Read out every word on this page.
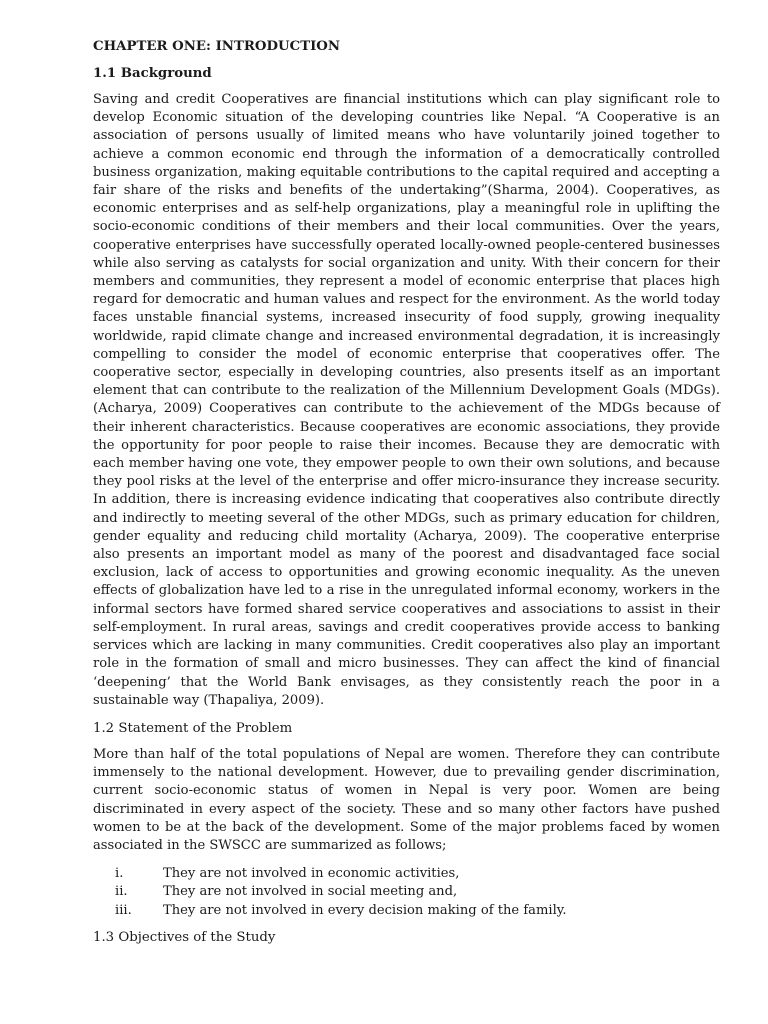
CHAPTER ONE: INTRODUCTION
1.1 Background

Saving and credit Cooperatives are financial institutions which can play significant role to develop Economic situation of the developing countries like Nepal. “A Cooperative is an association of persons usually of limited means who have voluntarily joined together to achieve a common economic end through the information of a democratically controlled business organization, making equitable contributions to the capital required and accepting a fair share of the risks and benefits of the undertaking”(Sharma, 2004). Cooperatives, as economic enterprises and as self-help organizations, play a meaningful role in uplifting the socio-economic conditions of their members and their local communities. Over the years, cooperative enterprises have successfully operated locally-owned people-centered businesses while also serving as catalysts for social organization and unity. With their concern for their members and communities, they represent a model of economic enterprise that places high regard for democratic and human values and respect for the environment. As the world today faces unstable financial systems, increased insecurity of food supply, growing inequality worldwide, rapid climate change and increased environmental degradation, it is increasingly compelling to consider the model of economic enterprise that cooperatives offer. The cooperative sector, especially in developing countries, also presents itself as an important element that can contribute to the realization of the Millennium Development Goals (MDGs). (Acharya, 2009) Cooperatives can contribute to the achievement of the MDGs because of their inherent characteristics. Because cooperatives are economic associations, they provide the opportunity for poor people to raise their incomes. Because they are democratic with each member having one vote, they empower people to own their own solutions, and because they pool risks at the level of the enterprise and offer micro-insurance they increase security. In addition, there is increasing evidence indicating that cooperatives also contribute directly and indirectly to meeting several of the other MDGs, such as primary education for children, gender equality and reducing child mortality (Acharya, 2009). The cooperative enterprise also presents an important model as many of the poorest and disadvantaged face social exclusion, lack of access to opportunities and growing economic inequality. As the uneven effects of globalization have led to a rise in the unregulated informal economy, workers in the informal sectors have formed shared service cooperatives and associations to assist in their self-employment. In rural areas, savings and credit cooperatives provide access to banking services which are lacking in many communities. Credit cooperatives also play an important role in the formation of small and micro businesses. They can affect the kind of financial ‘deepening’ that the World Bank envisages, as they consistently reach the poor in a sustainable way (Thapaliya, 2009).

1.2 Statement of the Problem

More than half of the total populations of Nepal are women. Therefore they can contribute immensely to the national development. However, due to prevailing gender discrimination, current socio-economic status of women in Nepal is very poor. Women are being discriminated in every aspect of the society. These and so many other factors have pushed women to be at the back of the development. Some of the major problems faced by women associated in the SWSCC are summarized as follows;

i.	They are not involved in economic activities,
ii.	They are not involved in social meeting and,
iii.	They are not involved in every decision making of the family.
1.3 Objectives of the Study
